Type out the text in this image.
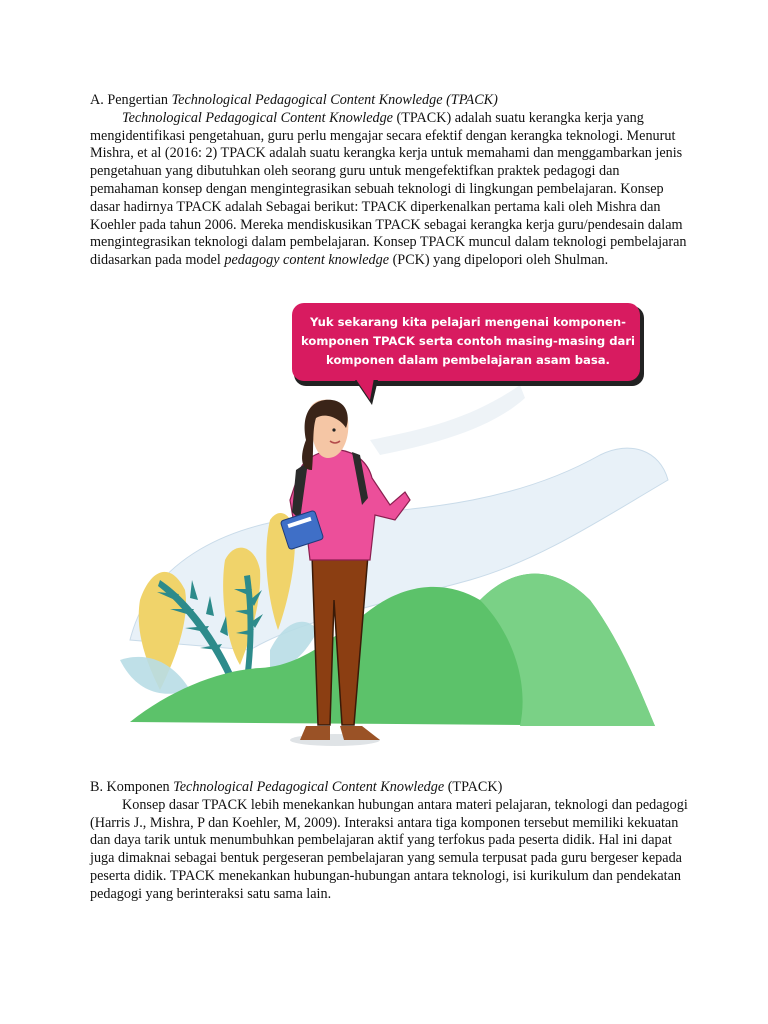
A. Pengertian Technological Pedagogical Content Knowledge (TPACK)

Technological Pedagogical Content Knowledge (TPACK) adalah suatu kerangka kerja yang mengidentifikasi pengetahuan, guru perlu mengajar secara efektif dengan kerangka teknologi. Menurut Mishra, et al (2016: 2) TPACK adalah suatu kerangka kerja untuk memahami dan menggambarkan jenis pengetahuan yang dibutuhkan oleh seorang guru untuk mengefektifkan praktek pedagogi dan pemahaman konsep dengan mengintegrasikan sebuah teknologi di lingkungan pembelajaran. Konsep dasar hadirnya TPACK adalah Sebagai berikut: TPACK diperkenalkan pertama kali oleh Mishra dan Koehler pada tahun 2006. Mereka mendiskusikan TPACK sebagai kerangka kerja guru/pendesain dalam mengintegrasikan teknologi dalam pembelajaran. Konsep TPACK muncul dalam teknologi pembelajaran didasarkan pada model pedagogy content knowledge (PCK) yang dipelopori oleh Shulman.

Yuk sekarang kita pelajari mengenai komponen-komponen TPACK serta contoh masing-masing dari komponen dalam pembelajaran asam basa.

B. Komponen Technological Pedagogical Content Knowledge (TPACK)

Konsep dasar TPACK lebih menekankan hubungan antara materi pelajaran, teknologi dan pedagogi (Harris J., Mishra, P dan Koehler, M, 2009). Interaksi antara tiga komponen tersebut memiliki kekuatan dan daya tarik untuk menumbuhkan pembelajaran aktif yang terfokus pada peserta didik. Hal ini dapat juga dimaknai sebagai bentuk pergeseran pembelajaran yang semula terpusat pada guru bergeser kepada peserta didik. TPACK menekankan hubungan-hubungan antara teknologi, isi kurikulum dan pendekatan pedagogi yang berinteraksi satu sama lain.
